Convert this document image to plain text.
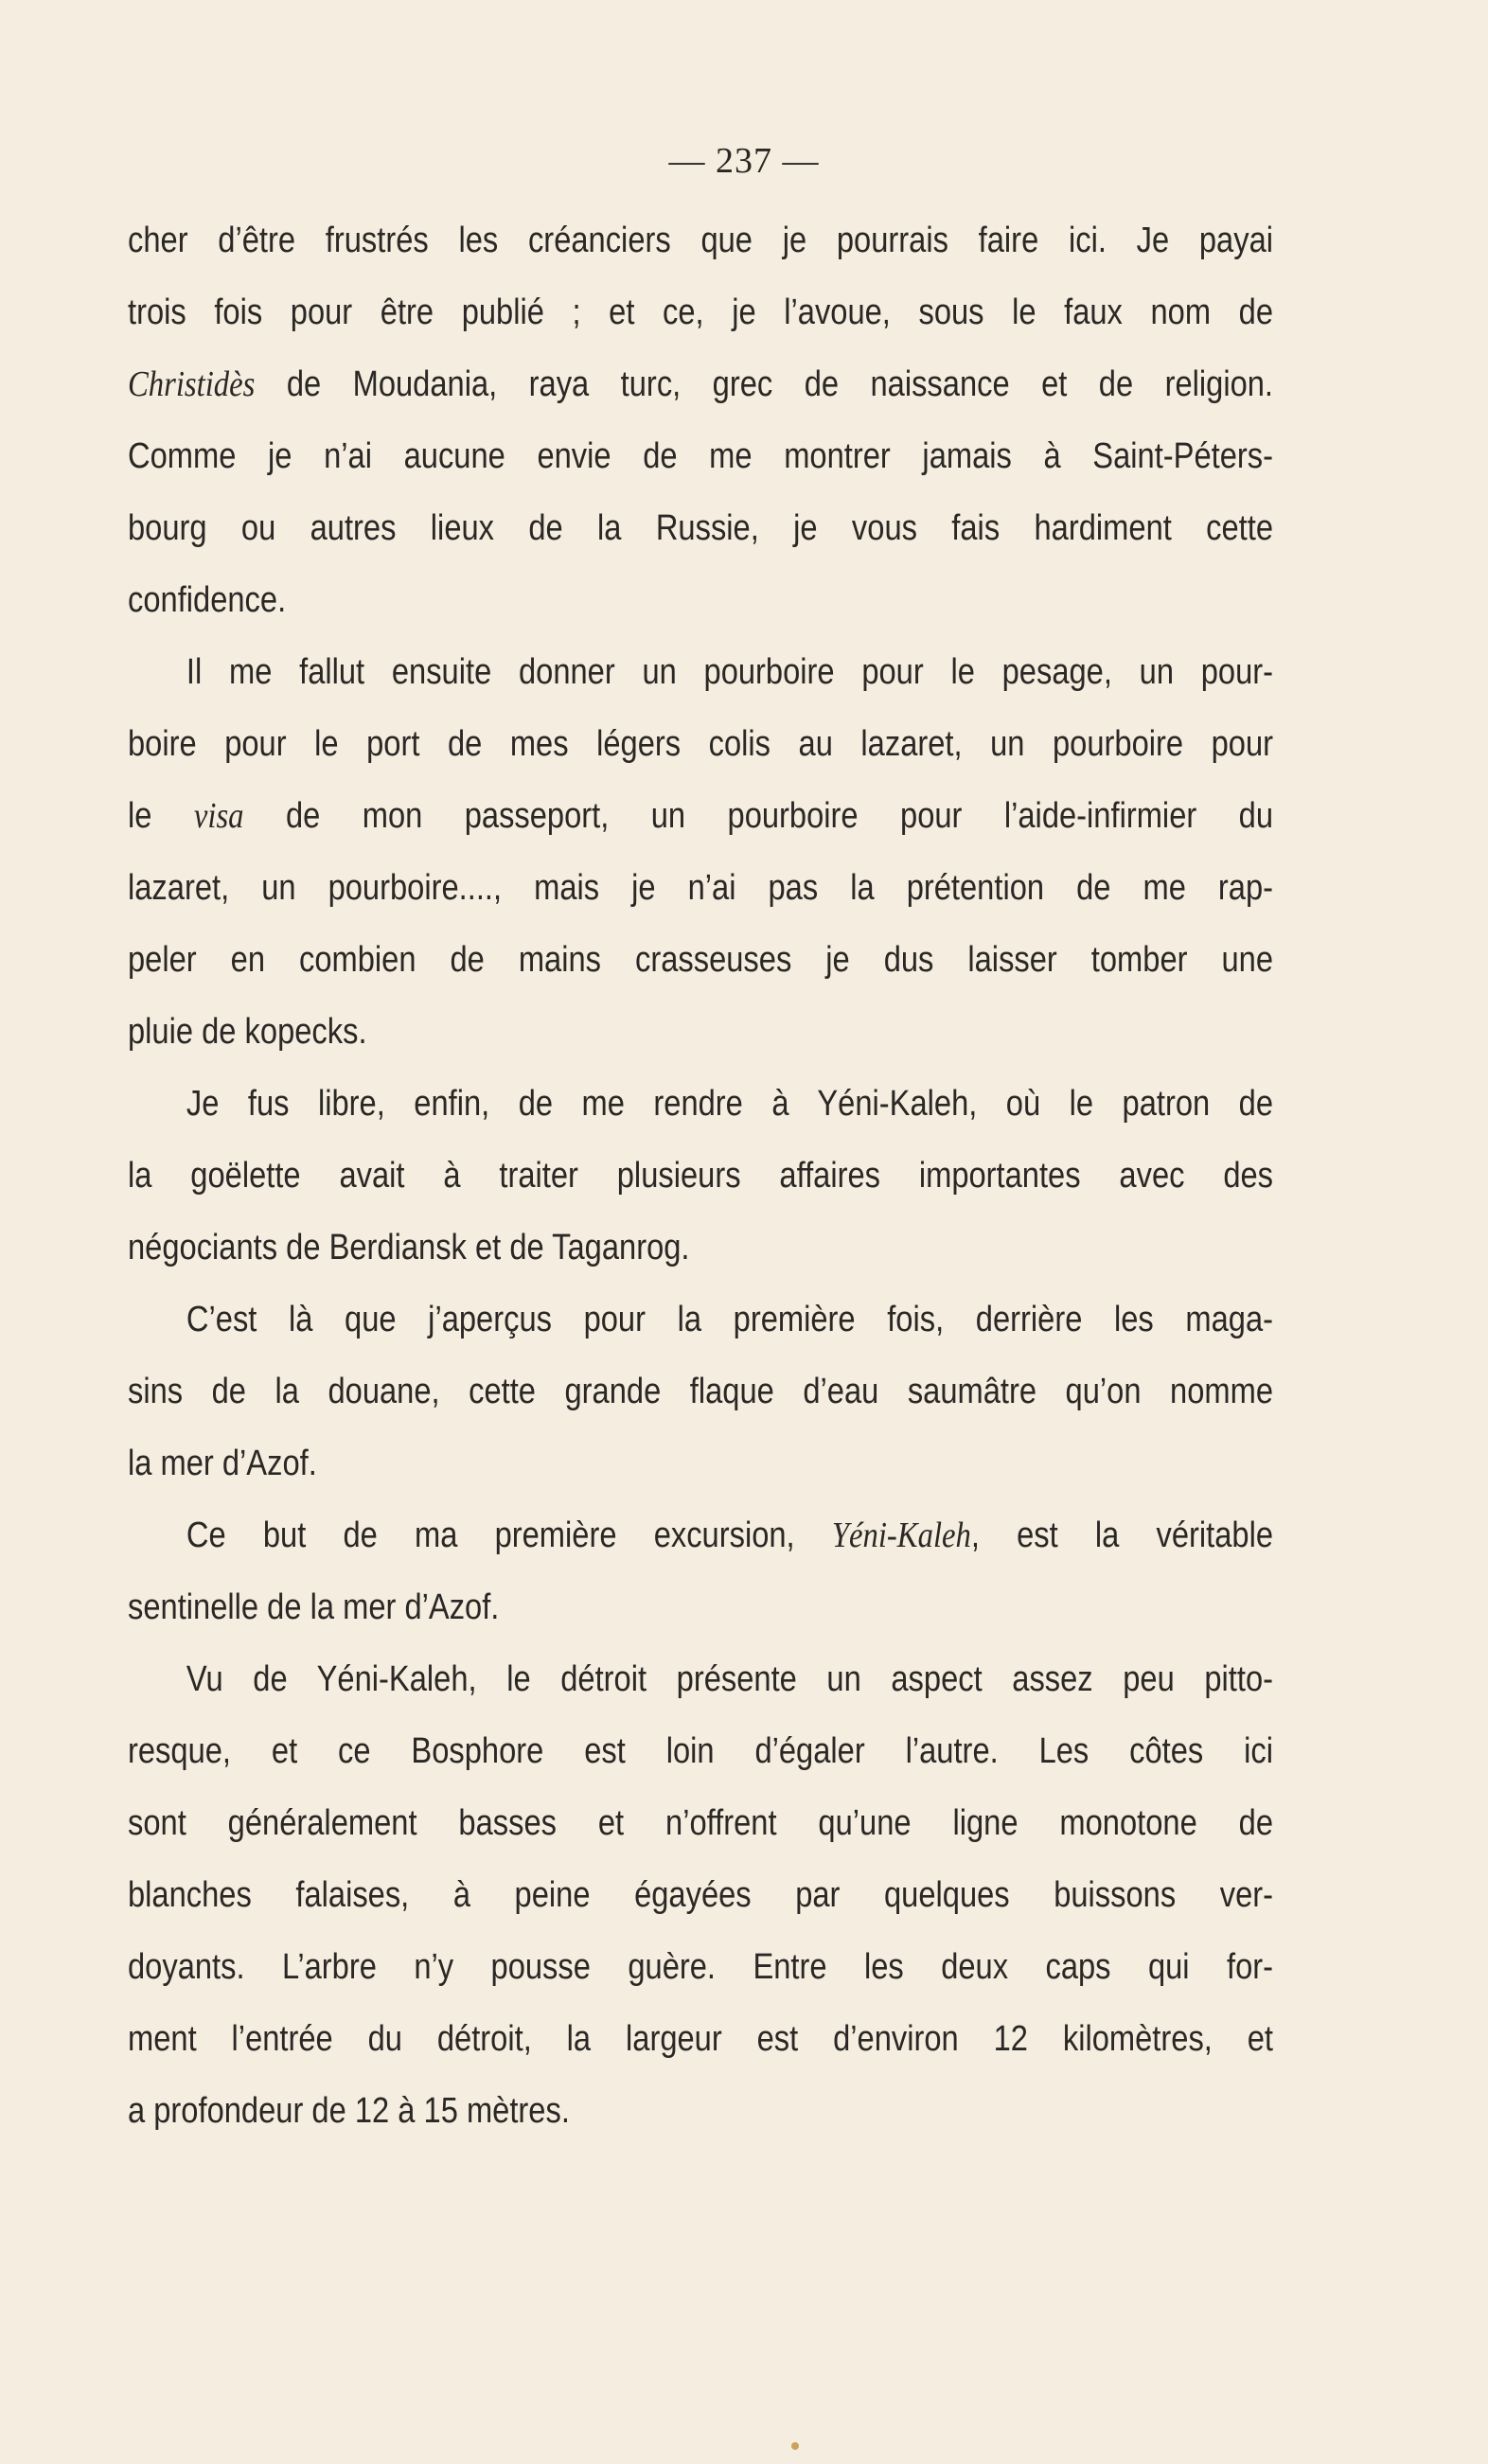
— 237 —
cher d’être frustrés les créanciers que je pourrais faire ici. Je payai
trois fois pour être publié ; et ce, je l’avoue, sous le faux nom de
Christidès de Moudania, raya turc, grec de naissance et de religion.
Comme je n’ai aucune envie de me montrer jamais à Saint-Péters-
bourg ou autres lieux de la Russie, je vous fais hardiment cette
confidence.
Il me fallut ensuite donner un pourboire pour le pesage, un pour-
boire pour le port de mes légers colis au lazaret, un pourboire pour
le visa de mon passeport, un pourboire pour l’aide-infirmier du
lazaret, un pourboire...., mais je n’ai pas la prétention de me rap-
peler en combien de mains crasseuses je dus laisser tomber une
pluie de kopecks.
Je fus libre, enfin, de me rendre à Yéni-Kaleh, où le patron de
la goëlette avait à traiter plusieurs affaires importantes avec des
négociants de Berdiansk et de Taganrog.
C’est là que j’aperçus pour la première fois, derrière les maga-
sins de la douane, cette grande flaque d’eau saumâtre qu’on nomme
la mer d’Azof.
Ce but de ma première excursion, Yéni-Kaleh, est la véritable
sentinelle de la mer d’Azof.
Vu de Yéni-Kaleh, le détroit présente un aspect assez peu pitto-
resque, et ce Bosphore est loin d’égaler l’autre. Les côtes ici
sont généralement basses et n’offrent qu’une ligne monotone de
blanches falaises, à peine égayées par quelques buissons ver-
doyants. L’arbre n’y pousse guère. Entre les deux caps qui for-
ment l’entrée du détroit, la largeur est d’environ 12 kilomètres, et
a profondeur de 12 à 15 mètres.
